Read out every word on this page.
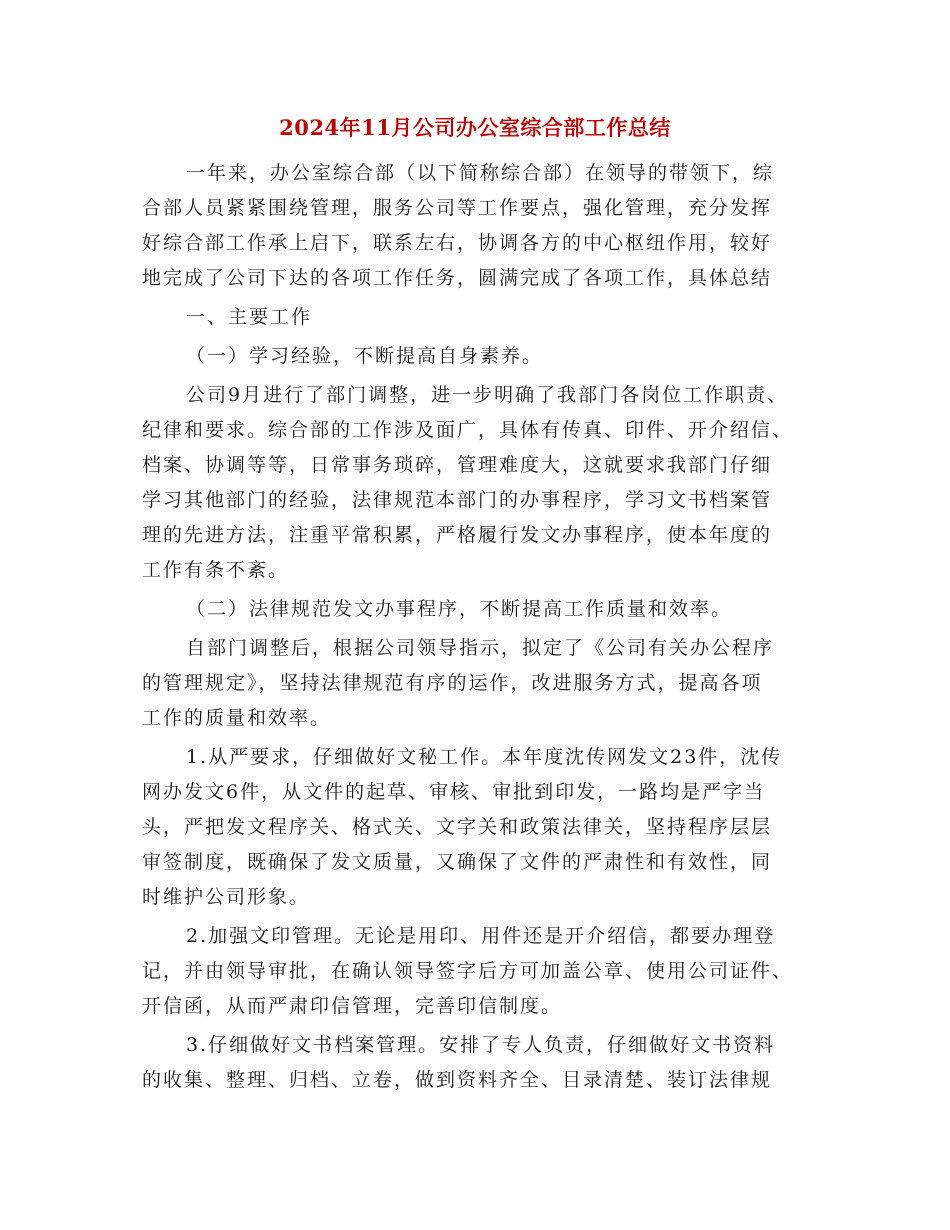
2024年11月公司办公室综合部工作总结
一年来，办公室综合部（以下简称综合部）在领导的带领下，综
合部人员紧紧围绕管理，服务公司等工作要点，强化管理，充分发挥
好综合部工作承上启下，联系左右，协调各方的中心枢纽作用，较好
地完成了公司下达的各项工作任务，圆满完成了各项工作，具体总结
一、主要工作
（一）学习经验，不断提高自身素养。
公司9月进行了部门调整，进一步明确了我部门各岗位工作职责、
纪律和要求。综合部的工作涉及面广，具体有传真、印件、开介绍信、
档案、协调等等，日常事务琐碎，管理难度大，这就要求我部门仔细
学习其他部门的经验，法律规范本部门的办事程序，学习文书档案管
理的先进方法，注重平常积累，严格履行发文办事程序，使本年度的
工作有条不紊。
（二）法律规范发文办事程序，不断提高工作质量和效率。
自部门调整后，根据公司领导指示，拟定了《公司有关办公程序
的管理规定》，坚持法律规范有序的运作，改进服务方式，提高各项
工作的质量和效率。
1.从严要求，仔细做好文秘工作。本年度沈传网发文23件，沈传
网办发文6件，从文件的起草、审核、审批到印发，一路均是严字当
头，严把发文程序关、格式关、文字关和政策法律关，坚持程序层层
审签制度，既确保了发文质量，又确保了文件的严肃性和有效性，同
时维护公司形象。
2.加强文印管理。无论是用印、用件还是开介绍信，都要办理登
记，并由领导审批，在确认领导签字后方可加盖公章、使用公司证件、
开信函，从而严肃印信管理，完善印信制度。
3.仔细做好文书档案管理。安排了专人负责，仔细做好文书资料
的收集、整理、归档、立卷，做到资料齐全、目录清楚、装订法律规
